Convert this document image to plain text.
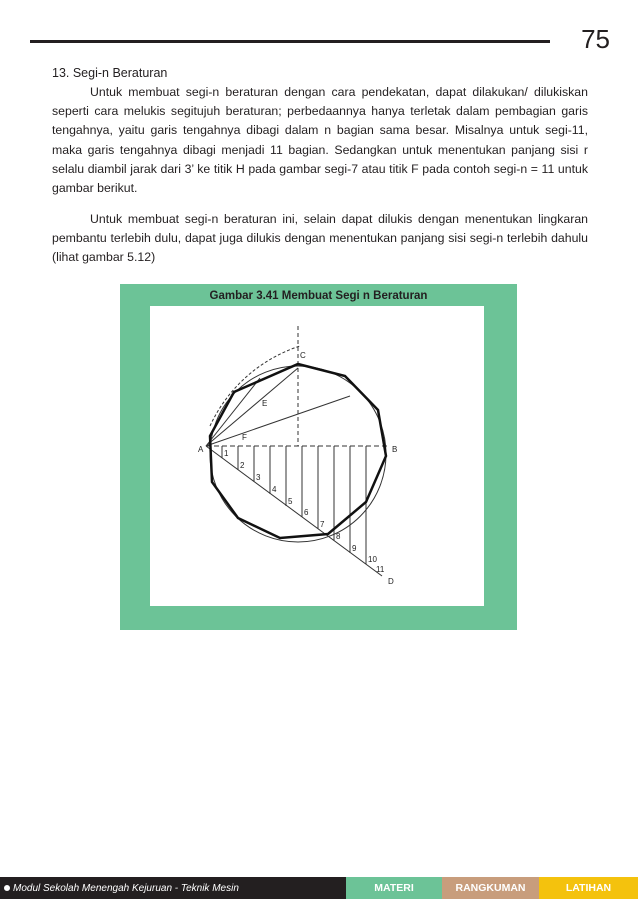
75
13. Segi-n Beraturan

Untuk membuat segi-n beraturan dengan cara pendekatan, dapat dilakukan/ dilukiskan seperti cara melukis segitujuh beraturan; perbedaannya hanya terletak dalam pembagian garis tengahnya, yaitu garis tengahnya dibagi dalam n bagian sama besar. Misalnya untuk segi-11, maka garis tengahnya dibagi menjadi 11 bagian. Sedangkan untuk menentukan panjang sisi r selalu diambil jarak dari 3’ ke titik H pada gambar segi-7 atau titik F pada contoh segi-n = 11 untuk gambar berikut.

Untuk membuat segi-n beraturan ini, selain dapat dilukis dengan menentukan lingkaran pembantu terlebih dulu, dapat juga dilukis dengan menentukan panjang sisi segi-n terlebih dahulu (lihat gambar 5.12)

Gambar 3.41 Membuat Segi n Beraturan
C
A	B
D
1
2
3
4
5
6
7
8
9
10
11
E
F
Modul Sekolah Menengah Kejuruan - Teknik Mesin	MATERI	RANGKUMAN	LATIHAN
